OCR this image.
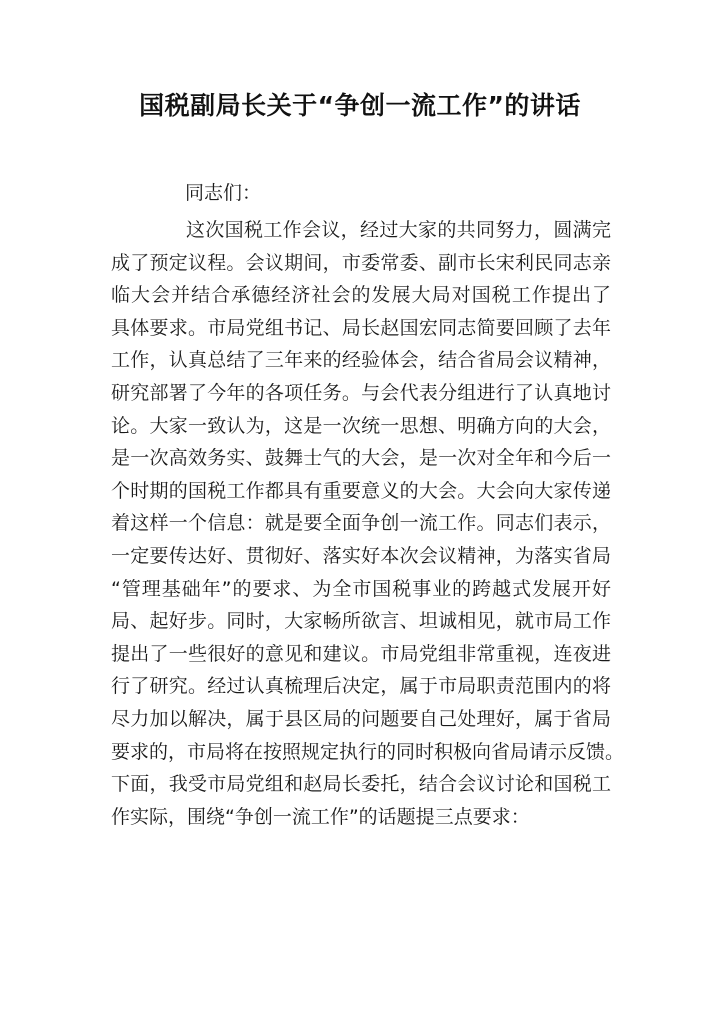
国税副局长关于“争创一流工作”的讲话
同志们：
这次国税工作会议，经过大家的共同努力，圆满完
成了预定议程。会议期间，市委常委、副市长宋利民同志亲
临大会并结合承德经济社会的发展大局对国税工作提出了
具体要求。市局党组书记、局长赵国宏同志简要回顾了去年
工作，认真总结了三年来的经验体会，结合省局会议精神，
研究部署了今年的各项任务。与会代表分组进行了认真地讨
论。大家一致认为，这是一次统一思想、明确方向的大会，
是一次高效务实、鼓舞士气的大会，是一次对全年和今后一
个时期的国税工作都具有重要意义的大会。大会向大家传递
着这样一个信息：就是要全面争创一流工作。同志们表示，
一定要传达好、贯彻好、落实好本次会议精神，为落实省局
“管理基础年”的要求、为全市国税事业的跨越式发展开好
局、起好步。同时，大家畅所欲言、坦诚相见，就市局工作
提出了一些很好的意见和建议。市局党组非常重视，连夜进
行了研究。经过认真梳理后决定，属于市局职责范围内的将
尽力加以解决，属于县区局的问题要自己处理好，属于省局
要求的，市局将在按照规定执行的同时积极向省局请示反馈。
下面，我受市局党组和赵局长委托，结合会议讨论和国税工
作实际，围绕“争创一流工作”的话题提三点要求：
